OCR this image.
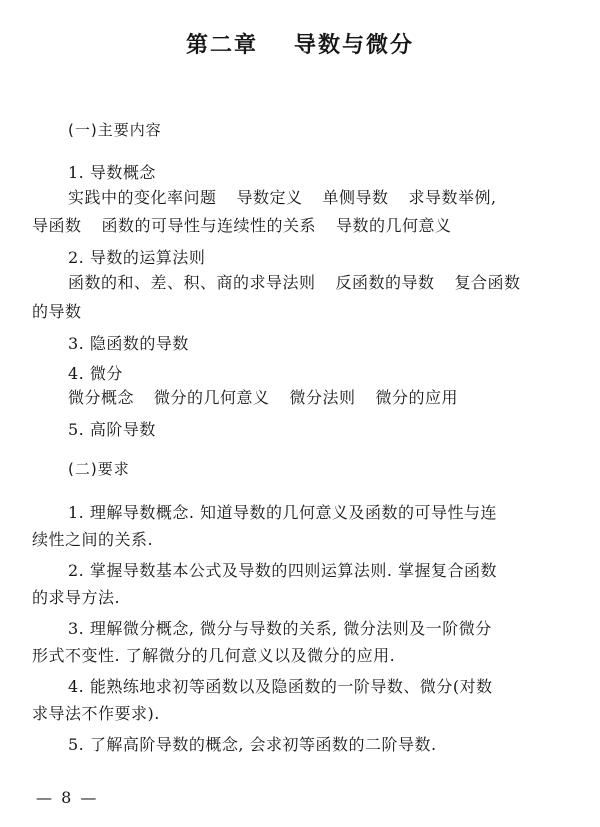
第二章 导数与微分
(一)主要内容
1. 导数概念
实践中的变化率问题 导数定义 单侧导数 求导数举例,
导函数 函数的可导性与连续性的关系 导数的几何意义
2. 导数的运算法则
函数的和、差、积、商的求导法则 反函数的导数 复合函数
的导数
3. 隐函数的导数
4. 微分
微分概念 微分的几何意义 微分法则 微分的应用
5. 高阶导数
(二)要求
1. 理解导数概念. 知道导数的几何意义及函数的可导性与连
续性之间的关系.
2. 掌握导数基本公式及导数的四则运算法则. 掌握复合函数
的求导方法.
3. 理解微分概念, 微分与导数的关系, 微分法则及一阶微分
形式不变性. 了解微分的几何意义以及微分的应用.
4. 能熟练地求初等函数以及隐函数的一阶导数、微分(对数
求导法不作要求).
5. 了解高阶导数的概念, 会求初等函数的二阶导数.
— 8 —
